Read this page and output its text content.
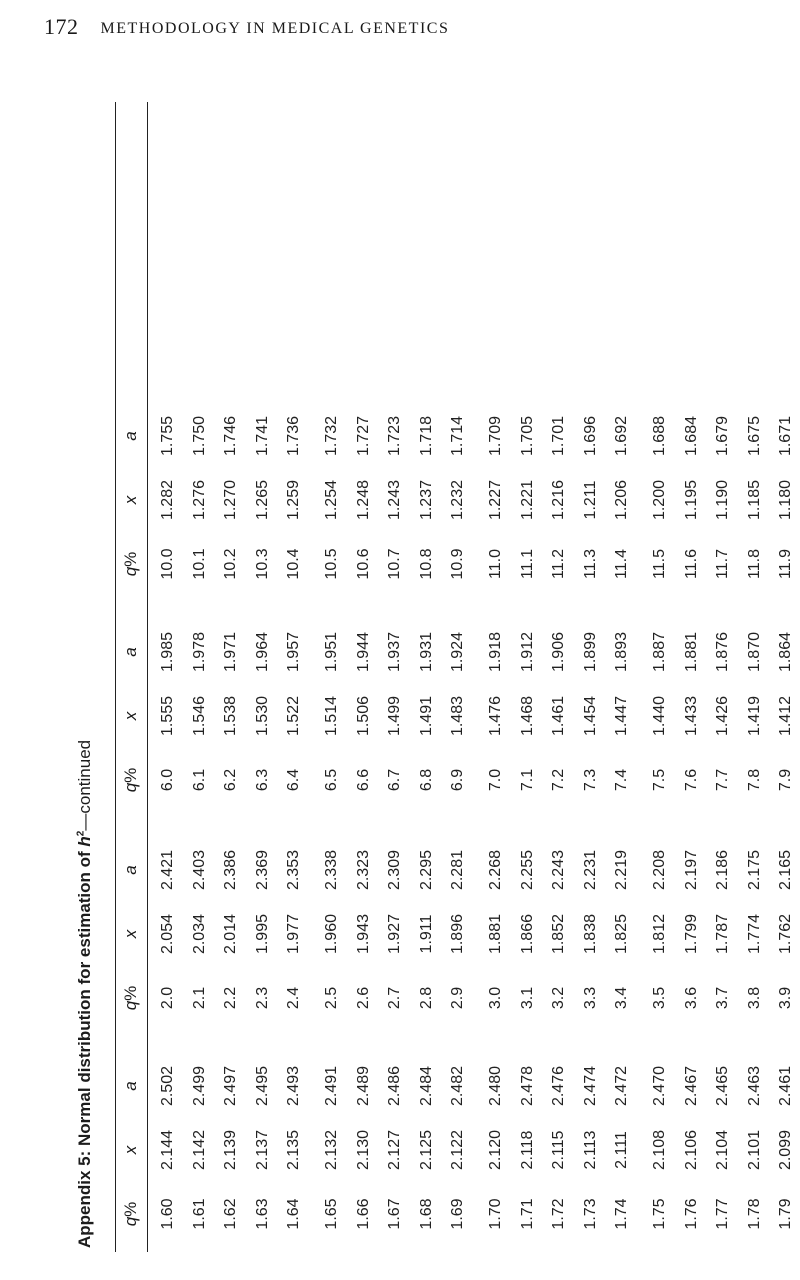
172 METHODOLOGY IN MEDICAL GENETICS
Appendix 5: Normal distribution for estimation of $h^2—continued$
q%
x
a
q%
x
a
q%
x
a
q%
x
a
1.60 1.61 1.62 1.63 1.64 1.65 1.66 1.67 1.68 1.69 1.70 1.71 1.72 1.73 1.74 1.75 1.76 1.77 1.78 1.79
2.144 2.142 2.139 2.137 2.135 2.132 2.130 2.127 2.125 2.122 2.120 2.118 2.115 2.113 2.111 2.108 2.106 2.104 2.101 2.099
2.502 2.499 2.497 2.495 2.493 2.491 2.489 2.486 2.484 2.482 2.480 2.478 2.476 2.474 2.472 2.470 2.467 2.465 2.463 2.461
2.0 2.1 2.2 2.3 2.4 2.5 2.6 2.7 2.8 2.9 3.0 3.1 3.2 3.3 3.4 3.5 3.6 3.7 3.8 3.9
2.054 2.034 2.014 1.995 1.977 1.960 1.943 1.927 1.911 1.896 1.881 1.866 1.852 1.838 1.825 1.812 1.799 1.787 1.774 1.762
2.421 2.403 2.386 2.369 2.353 2.338 2.323 2.309 2.295 2.281 2.268 2.255 2.243 2.231 2.219 2.208 2.197 2.186 2.175 2.165
6.0 6.1 6.2 6.3 6.4 6.5 6.6 6.7 6.8 6.9 7.0 7.1 7.2 7.3 7.4 7.5 7.6 7.7 7.8 7.9
1.555 1.546 1.538 1.530 1.522 1.514 1.506 1.499 1.491 1.483 1.476 1.468 1.461 1.454 1.447 1.440 1.433 1.426 1.419 1.412
1.985 1.978 1.971 1.964 1.957 1.951 1.944 1.937 1.931 1.924 1.918 1.912 1.906 1.899 1.893 1.887 1.881 1.876 1.870 1.864
10.0 10.1 10.2 10.3 10.4 10.5 10.6 10.7 10.8 10.9 11.0 11.1 11.2 11.3 11.4 11.5 11.6 11.7 11.8 11.9
1.282 1.276 1.270 1.265 1.259 1.254 1.248 1.243 1.237 1.232 1.227 1.221 1.216 1.211 1.206 1.200 1.195 1.190 1.185 1.180
1.755 1.750 1.746 1.741 1.736 1.732 1.727 1.723 1.718 1.714 1.709 1.705 1.701 1.696 1.692 1.688 1.684 1.679 1.675 1.671
